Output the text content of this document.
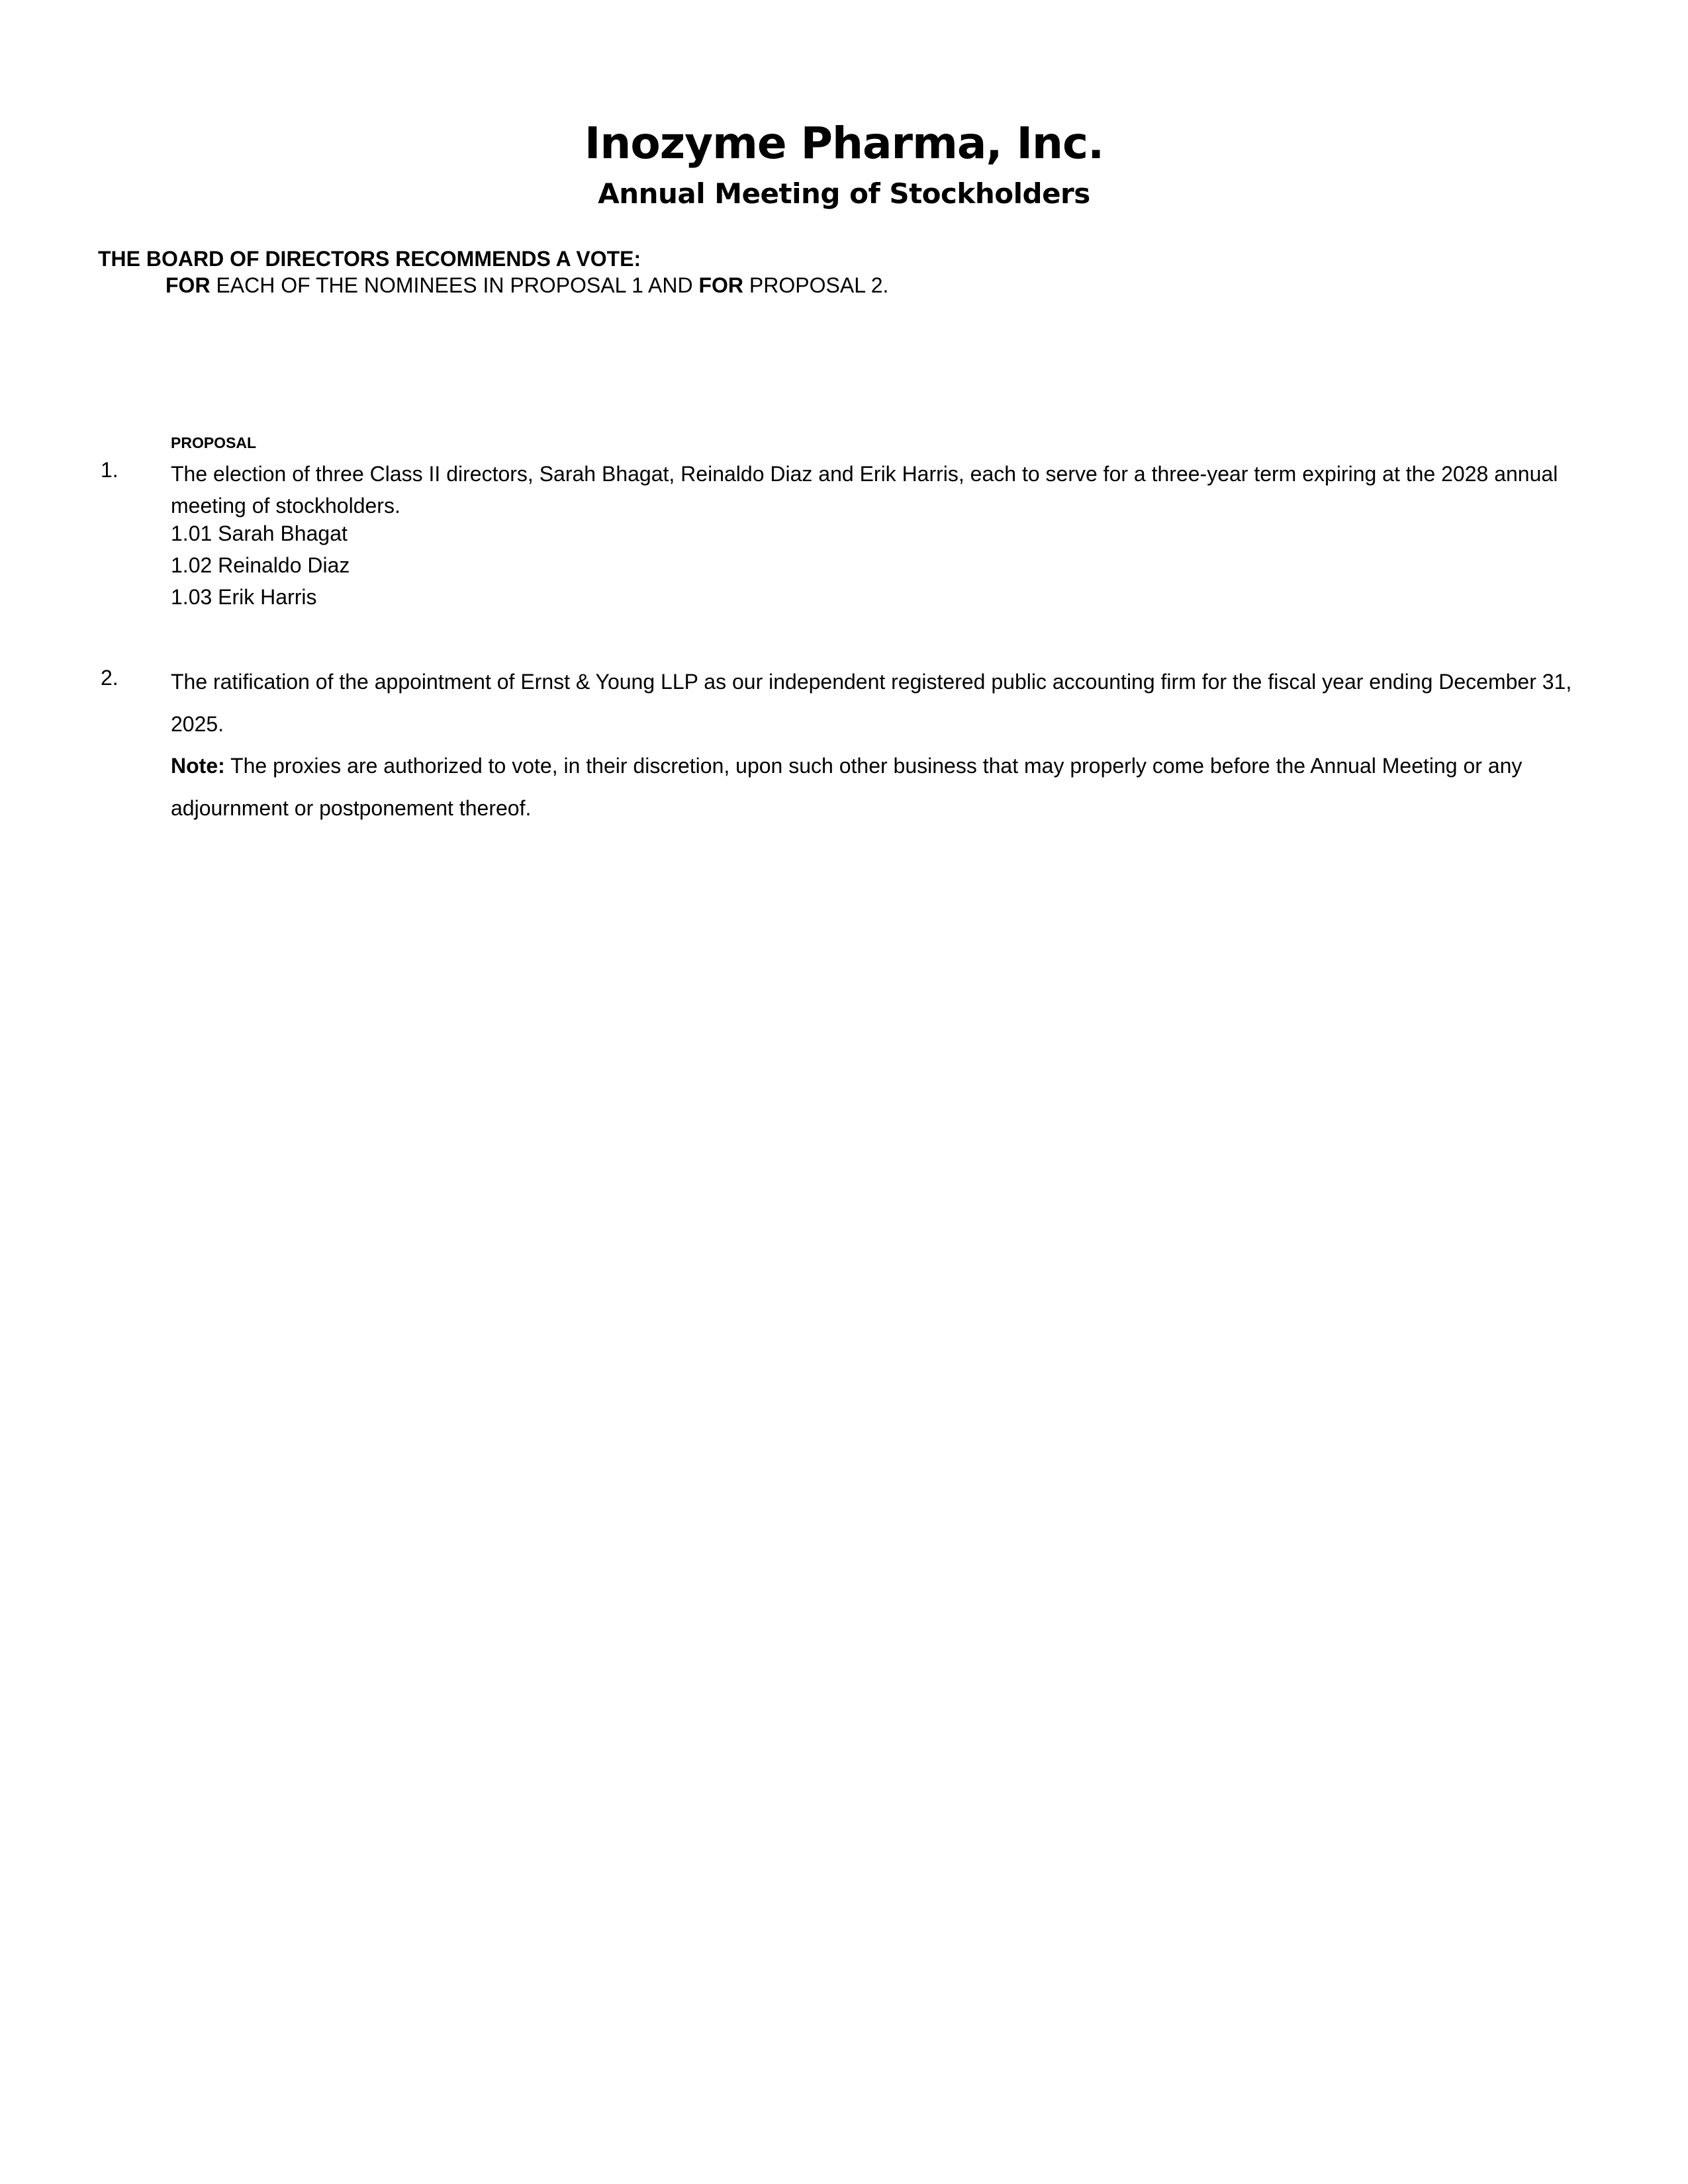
Inozyme Pharma, Inc.
Annual Meeting of Stockholders

THE BOARD OF DIRECTORS RECOMMENDS A VOTE:

FOR EACH OF THE NOMINEES IN PROPOSAL 1 AND FOR PROPOSAL 2.

PROPOSAL

1. The election of three Class II directors, Sarah Bhagat, Reinaldo Diaz and Erik Harris, each to serve for a three-year term expiring at the 2028 annual meeting of stockholders.

1.01 Sarah Bhagat

1.02 Reinaldo Diaz

1.03 Erik Harris

2. The ratification of the appointment of Ernst & Young LLP as our independent registered public accounting firm for the fiscal year ending December 31, 2025.

Note: The proxies are authorized to vote, in their discretion, upon such other business that may properly come before the Annual Meeting or any adjournment or postponement thereof.
